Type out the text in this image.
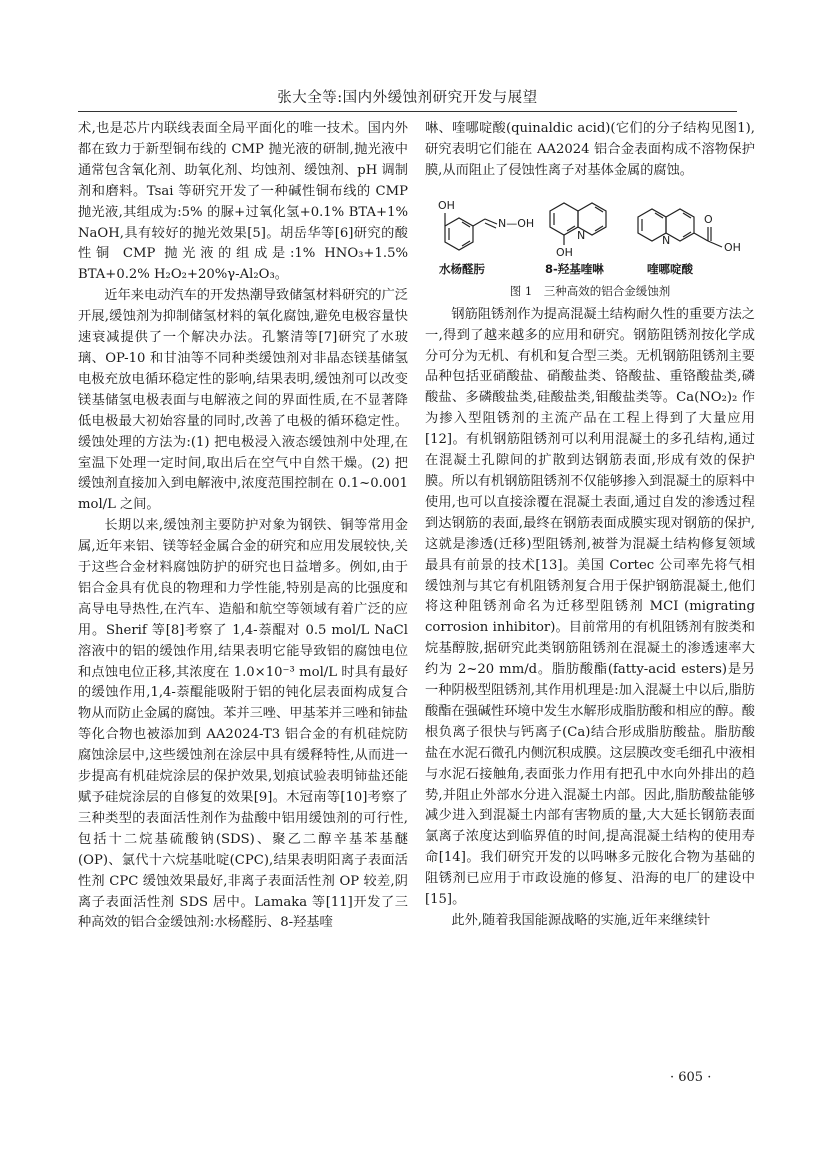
张大全等:国内外缓蚀剂研究开发与展望

术,也是芯片内联线表面全局平面化的唯一技术。国内外都在致力于新型铜布线的 CMP 抛光液的研制,抛光液中通常包含氧化剂、助氧化剂、均蚀剂、缓蚀剂、pH 调制剂和磨料。Tsai 等研究开发了一种碱性铜布线的 CMP 抛光液,其组成为:5% 的脲+过氧化氢+0.1% BTA+1% NaOH,具有较好的抛光效果[5]。胡岳华等[6]研究的酸性铜 CMP 抛光液的组成是:1% HNO₃+1.5% BTA+0.2% H₂O₂+20%γ-Al₂O₃。

近年来电动汽车的开发热潮导致储氢材料研究的广泛开展,缓蚀剂为抑制储氢材料的氧化腐蚀,避免电极容量快速衰减提供了一个解决办法。孔繁清等[7]研究了水玻璃、OP-10 和甘油等不同种类缓蚀剂对非晶态镁基储氢电极充放电循环稳定性的影响,结果表明,缓蚀剂可以改变镁基储氢电极表面与电解液之间的界面性质,在不显著降低电极最大初始容量的同时,改善了电极的循环稳定性。缓蚀处理的方法为:(1) 把电极浸入液态缓蚀剂中处理,在室温下处理一定时间,取出后在空气中自然干燥。(2) 把缓蚀剂直接加入到电解液中,浓度范围控制在 0.1~0.001 mol/L 之间。

长期以来,缓蚀剂主要防护对象为钢铁、铜等常用金属,近年来铝、镁等轻金属合金的研究和应用发展较快,关于这些合金材料腐蚀防护的研究也日益增多。例如,由于铝合金具有优良的物理和力学性能,特别是高的比强度和高导电导热性,在汽车、造船和航空等领域有着广泛的应用。Sherif 等[8]考察了 1,4-萘醌对 0.5 mol/L NaCl 溶液中的铝的缓蚀作用,结果表明它能导致铝的腐蚀电位和点蚀电位正移,其浓度在 1.0×10⁻³ mol/L 时具有最好的缓蚀作用,1,4-萘醌能吸附于铝的钝化层表面构成复合物从而防止金属的腐蚀。苯并三唑、甲基苯并三唑和铈盐等化合物也被添加到 AA2024-T3 铝合金的有机硅烷防腐蚀涂层中,这些缓蚀剂在涂层中具有缓释特性,从而进一步提高有机硅烷涂层的保护效果,划痕试验表明铈盐还能赋予硅烷涂层的自修复的效果[9]。木冠南等[10]考察了三种类型的表面活性剂作为盐酸中铝用缓蚀剂的可行性,包括十二烷基硫酸钠(SDS)、聚乙二醇辛基苯基醚(OP)、氯代十六烷基吡啶(CPC),结果表明阳离子表面活性剂 CPC 缓蚀效果最好,非离子表面活性剂 OP 较差,阴离子表面活性剂 SDS 居中。Lamaka 等[11]开发了三种高效的铝合金缓蚀剂:水杨醛肟、8-羟基喹

啉、喹哪啶酸(quinaldic acid)(它们的分子结构见图1),研究表明它们能在 AA2024 铝合金表面构成不溶物保护膜,从而阻止了侵蚀性离子对基体金属的腐蚀。

OH
N—OH
OH
N	N
O
OH
水杨醛肟	8-羟基喹啉	喹哪啶酸
图 1　三种高效的铝合金缓蚀剂

钢筋阻锈剂作为提高混凝土结构耐久性的重要方法之一,得到了越来越多的应用和研究。钢筋阻锈剂按化学成分可分为无机、有机和复合型三类。无机钢筋阻锈剂主要品种包括亚硝酸盐、硝酸盐类、铬酸盐、重铬酸盐类,磷酸盐、多磷酸盐类,硅酸盐类,钼酸盐类等。Ca(NO₂)₂ 作为掺入型阻锈剂的主流产品在工程上得到了大量应用[12]。有机钢筋阻锈剂可以利用混凝土的多孔结构,通过在混凝土孔隙间的扩散到达钢筋表面,形成有效的保护膜。所以有机钢筋阻锈剂不仅能够掺入到混凝土的原料中使用,也可以直接涂覆在混凝土表面,通过自发的渗透过程到达钢筋的表面,最终在钢筋表面成膜实现对钢筋的保护,这就是渗透(迁移)型阻锈剂,被誉为混凝土结构修复领域最具有前景的技术[13]。美国 Cortec 公司率先将气相缓蚀剂与其它有机阻锈剂复合用于保护钢筋混凝土,他们将这种阻锈剂命名为迁移型阻锈剂 MCI (migrating corrosion inhibitor)。目前常用的有机阻锈剂有胺类和烷基醇胺,据研究此类钢筋阻锈剂在混凝土的渗透速率大约为 2~20 mm/d。脂肪酸酯(fatty-acid esters)是另一种阴极型阻锈剂,其作用机理是:加入混凝土中以后,脂肪酸酯在强碱性环境中发生水解形成脂肪酸和相应的醇。酸根负离子很快与钙离子(Ca)结合形成脂肪酸盐。脂肪酸盐在水泥石微孔内侧沉积成膜。这层膜改变毛细孔中液相与水泥石接触角,表面张力作用有把孔中水向外排出的趋势,并阻止外部水分进入混凝土内部。因此,脂肪酸盐能够减少进入到混凝土内部有害物质的量,大大延长钢筋表面氯离子浓度达到临界值的时间,提高混凝土结构的使用寿命[14]。我们研究开发的以吗啉多元胺化合物为基础的阻锈剂已应用于市政设施的修复、沿海的电厂的建设中[15]。

此外,随着我国能源战略的实施,近年来继续针

· 605 ·
